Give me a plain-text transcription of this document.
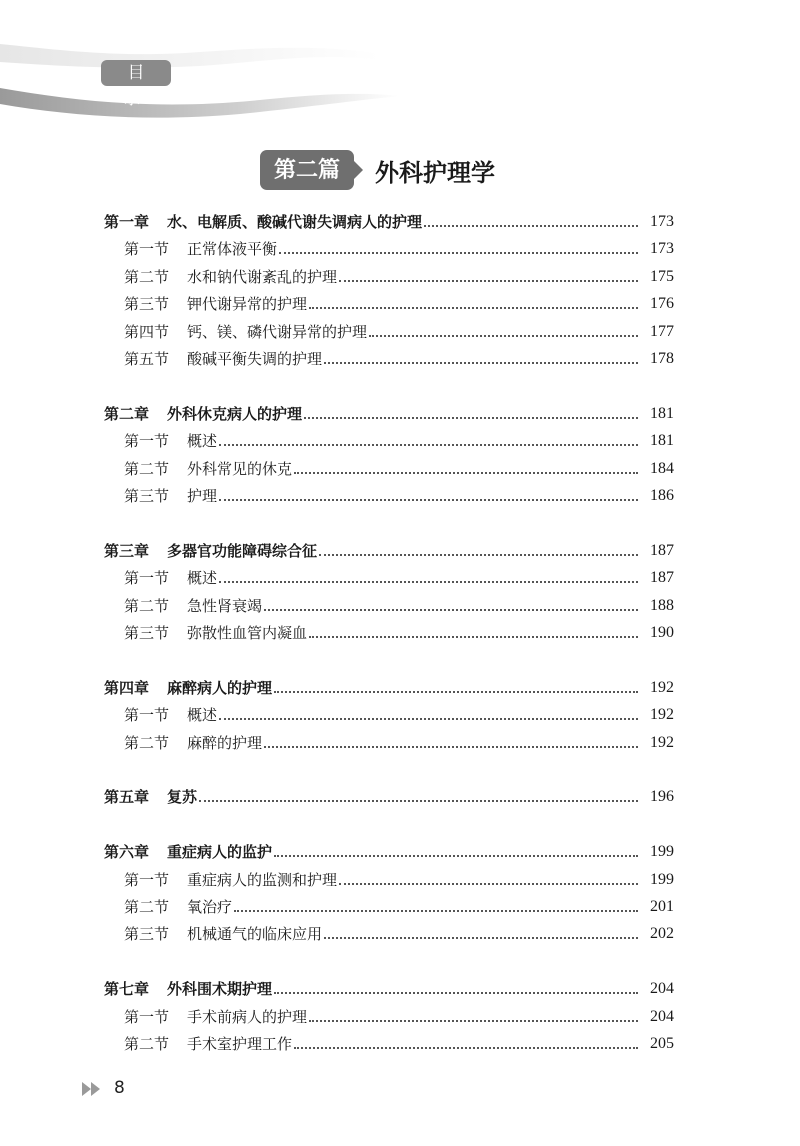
目 录
第二篇	外科护理学
第一章 水、电解质、酸碱代谢失调病人的护理	173
第一节 正常体液平衡	173
第二节 水和钠代谢紊乱的护理	175
第三节 钾代谢异常的护理	176
第四节 钙、镁、磷代谢异常的护理	177
第五节 酸碱平衡失调的护理	178
第二章 外科休克病人的护理	181
第一节 概述	181
第二节 外科常见的休克	184
第三节 护理	186
第三章 多器官功能障碍综合征	187
第一节 概述	187
第二节 急性肾衰竭	188
第三节 弥散性血管内凝血	190
第四章 麻醉病人的护理	192
第一节 概述	192
第二节 麻醉的护理	192
第五章 复苏	196
第六章 重症病人的监护	199
第一节 重症病人的监测和护理	199
第二节 氧治疗	201
第三节 机械通气的临床应用	202
第七章 外科围术期护理	204
第一节 手术前病人的护理	204
第二节 手术室护理工作	205
8
